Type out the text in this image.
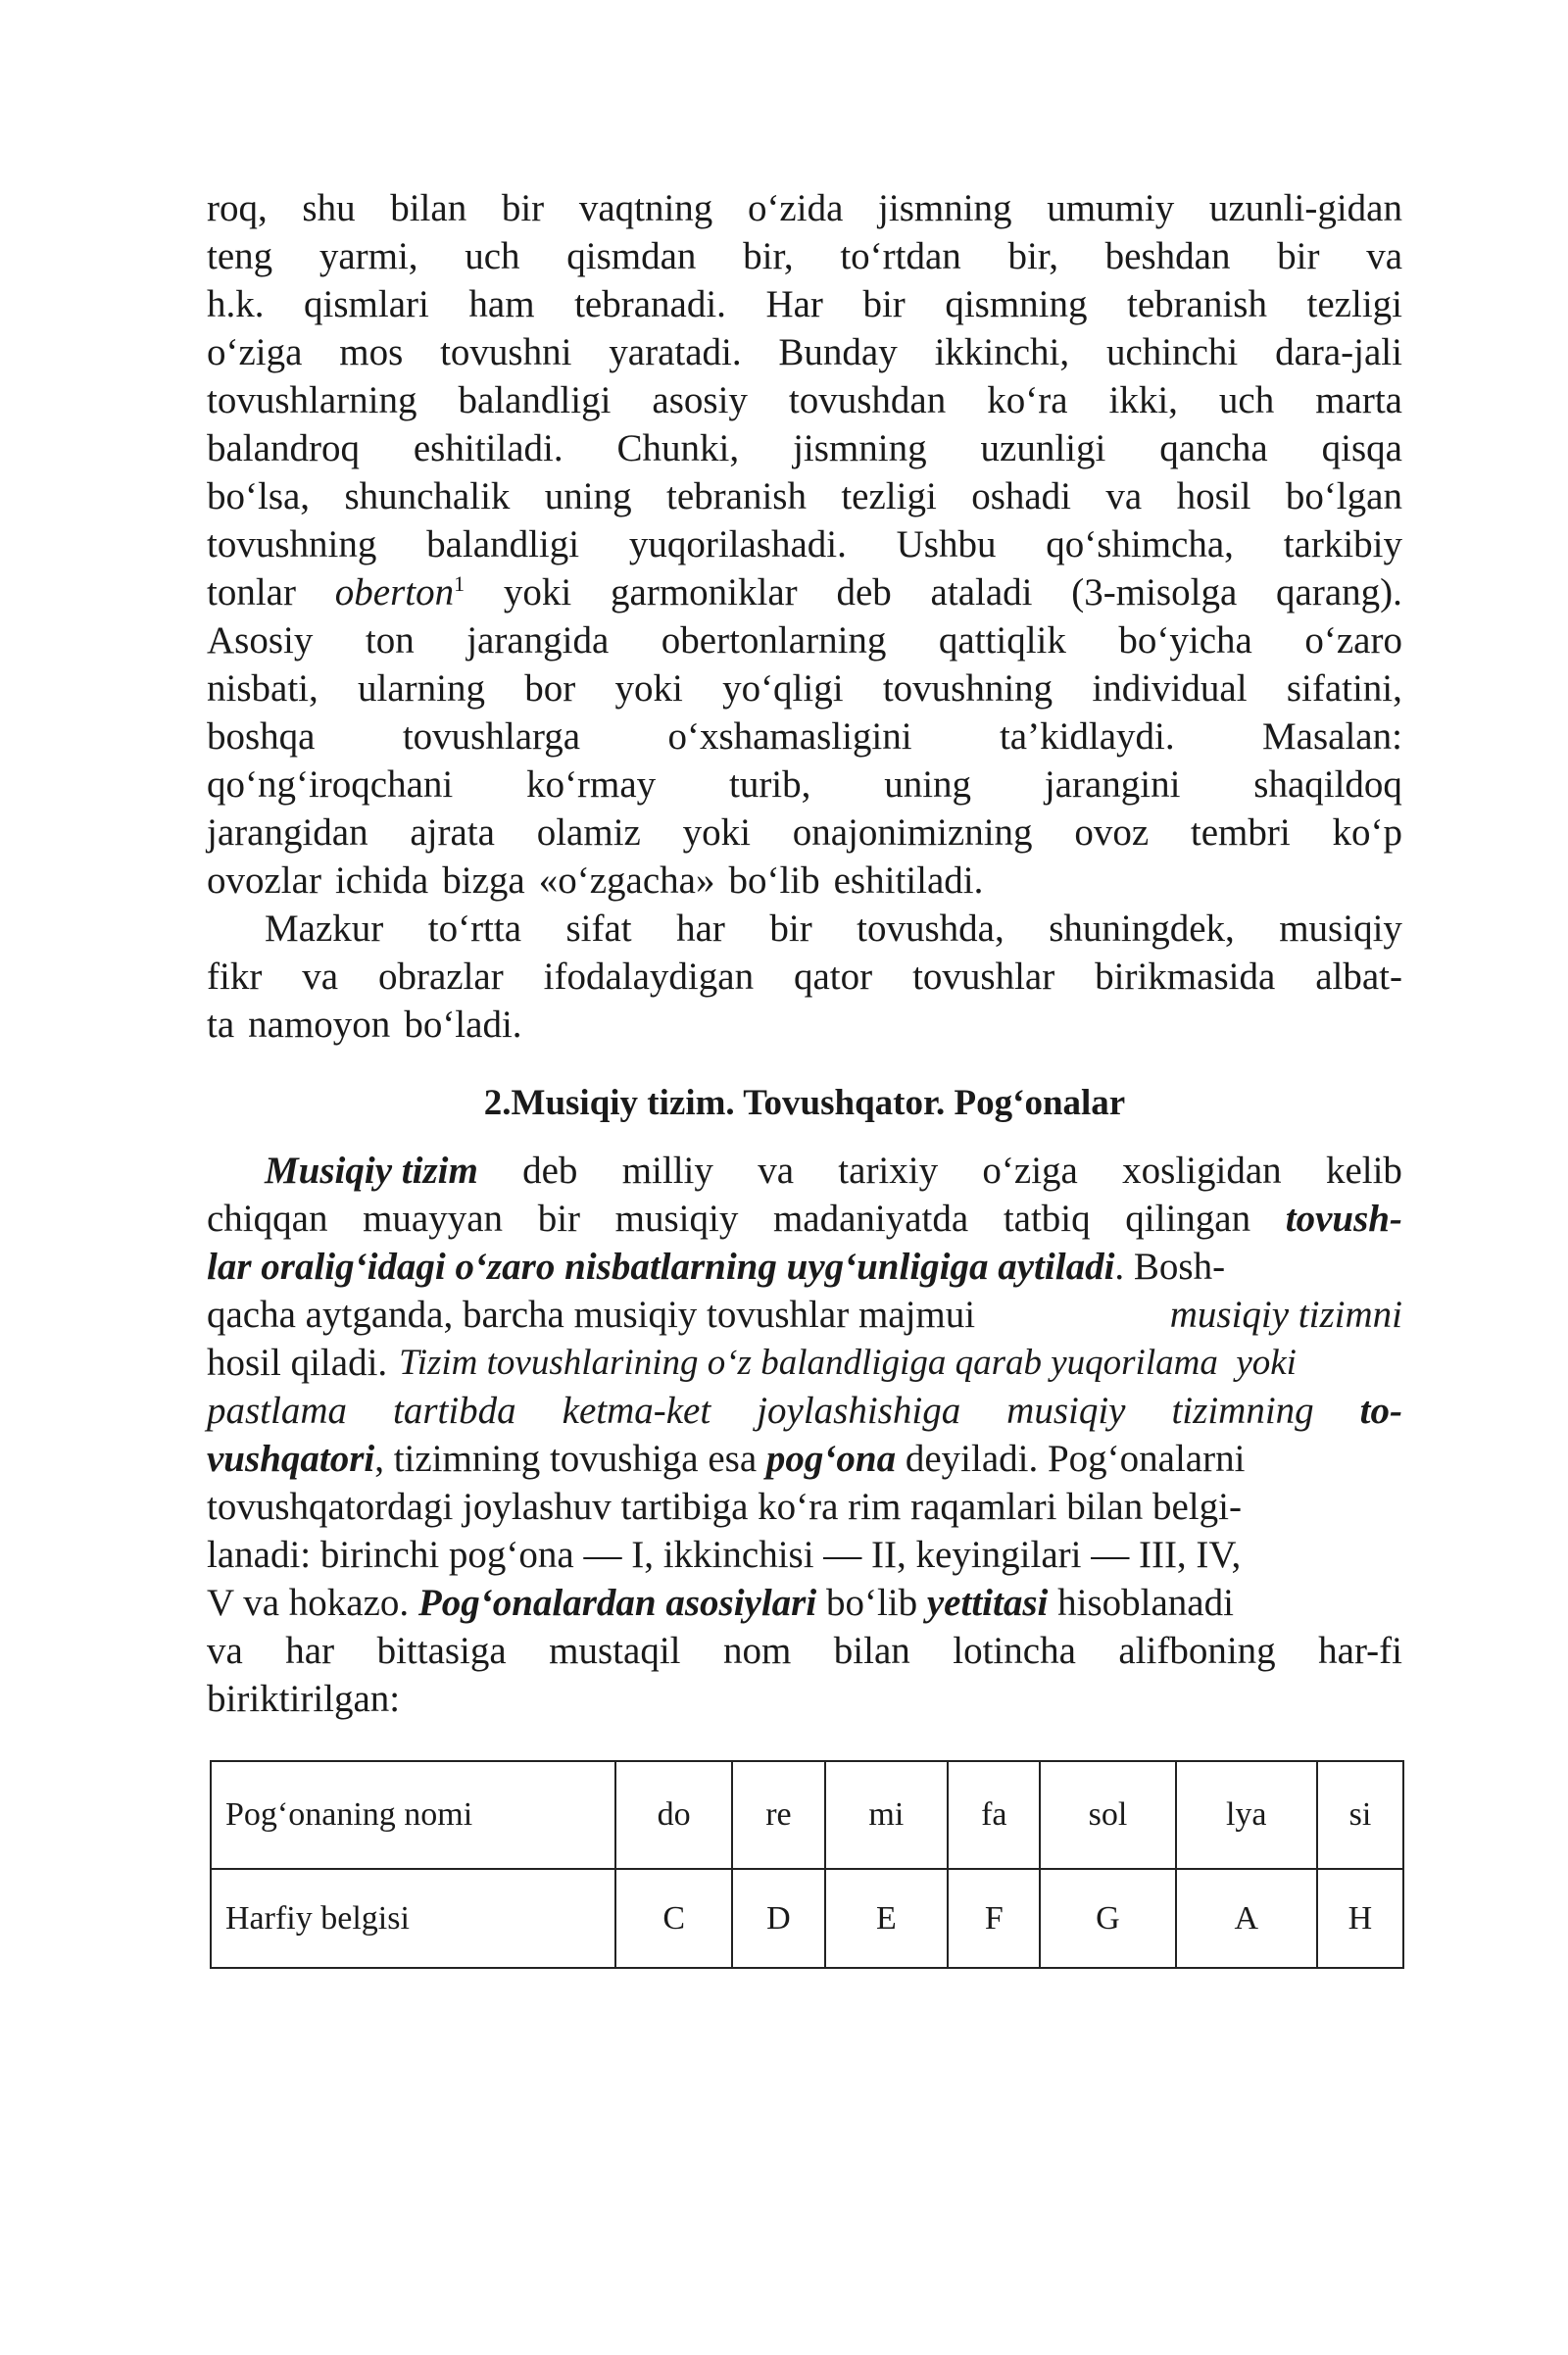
roq, shu bilan bir vaqtning o‘zida jismning umumiy uzunli-gidan
teng yarmi, uch qismdan bir, to‘rtdan bir, beshdan bir va
h.k. qismlari ham tebranadi. Har bir qismning tebranish tezligi
o‘ziga mos tovushni yaratadi. Bunday ikkinchi, uchinchi dara-jali
tovushlarning balandligi asosiy tovushdan ko‘ra ikki, uch marta
balandroq eshitiladi. Chunki, jismning uzunligi qancha qisqa
bo‘lsa, shunchalik uning tebranish tezligi oshadi va hosil bo‘lgan
tovushning balandligi yuqorilashadi. Ushbu qo‘shimcha, tarkibiy
tonlar oberton$^1$ yoki garmoniklar deb ataladi (3-misolga qarang).
Asosiy ton jarangida obertonlarning qattiqlik bo‘yicha o‘zaro
nisbati, ularning bor yoki yo‘qligi tovushning individual sifatini,
boshqa tovushlarga o‘xshamasligini ta’kidlaydi. Masalan:
qo‘ng‘iroqchani ko‘rmay turib, uning jarangini shaqildoq
jarangidan ajrata olamiz yoki onajonimizning ovoz tembri ko‘p
ovozlar ichida bizga «o‘zgacha» bo‘lib eshitiladi.
Mazkur to‘rtta sifat har bir tovushda, shuningdek, musiqiy
fikr va obrazlar ifodalaydigan qator tovushlar birikmasida albat-
ta namoyon bo‘ladi.
2.Musiqiy tizim. Tovushqator. Pog‘onalar
Musiqiy tizim deb milliy va tarixiy o‘ziga xosligidan kelib
chiqqan muayyan bir musiqiy madaniyatda tatbiq qilingan tovush-
lar oralig‘idagi o‘zaro nisbatlarning uyg‘unligiga aytiladi. Bosh-
qacha aytganda, barcha musiqiy tovushlar majmui	musiqiy tizimni
hosil qiladi. Tizim tovushlarining o‘z balandligiga qarab yuqorilama  yoki
pastlama tartibda ketma-ket joylashishiga musiqiy tizimning to-
vushqatori, tizimning tovushiga esa pog‘ona deyiladi. Pog‘onalarni
tovushqatordagi joylashuv tartibiga ko‘ra rim raqamlari bilan belgi-
lanadi: birinchi pog‘ona — I, ikkinchisi — II, keyingilari — III, IV,
V va hokazo. Pog‘onalardan asosiylari bo‘lib yettitasi hisoblanadi
va har bittasiga mustaqil nom bilan lotincha alifboning har-fi
biriktirilgan:
Pog‘onaning nomi	do	re	mi	fa	sol	lya	si
Harfiy belgisi	C	D	E	F	G	A	H
